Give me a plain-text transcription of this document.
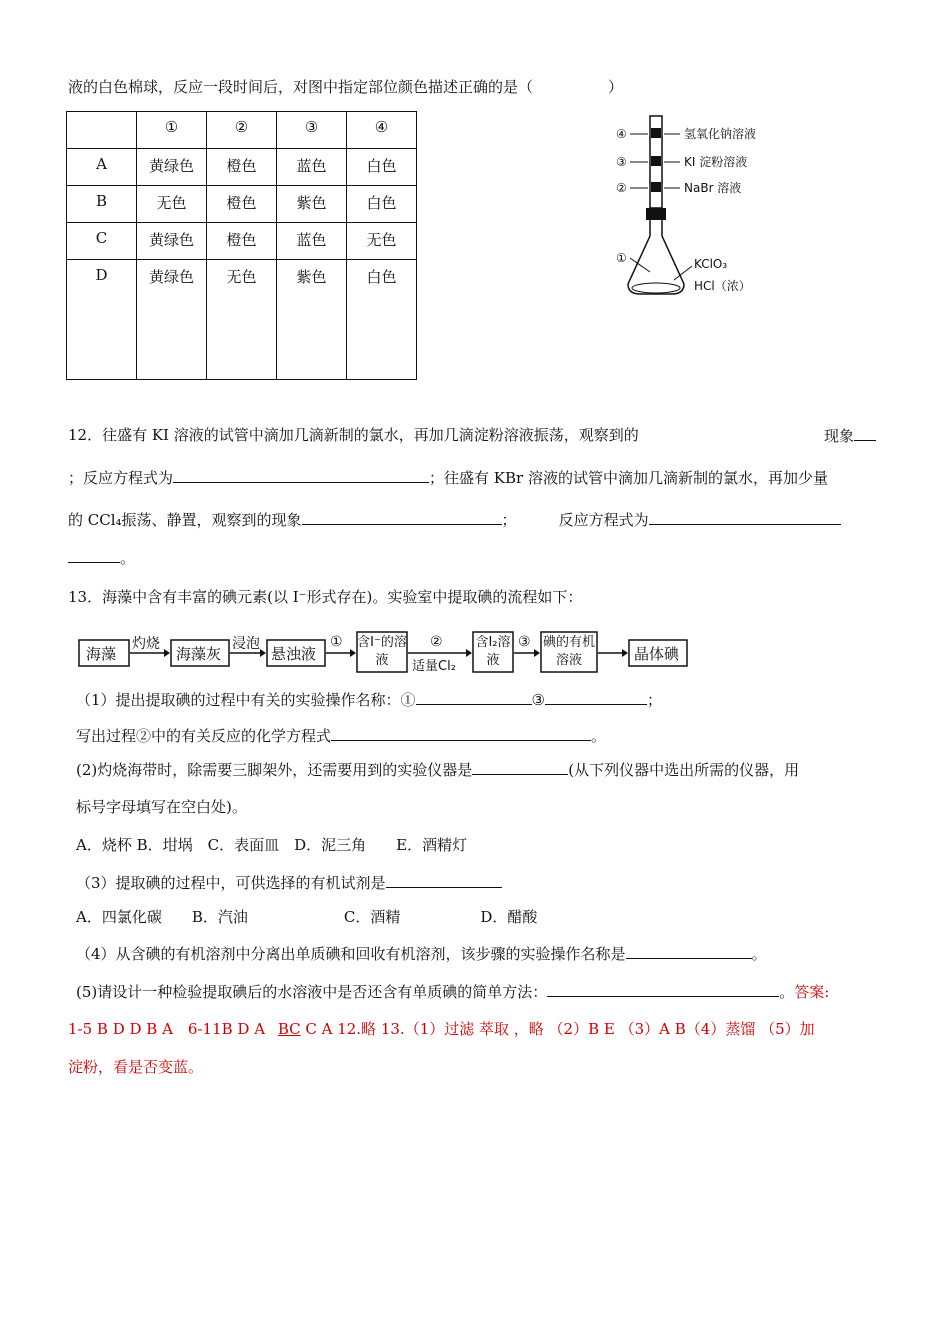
液的白色棉球，反应一段时间后，对图中指定部位颜色描述正确的是（　　　　　）
	①	②	③	④
A	黄绿色	橙色	蓝色	白色
B	无色	橙色	紫色	白色
C	黄绿色	橙色	蓝色	无色
D	黄绿色	无色	紫色	白色
④
③
②
①
氢氧化钠溶液
KI 淀粉溶液
NaBr 溶液
KClO₃
HCl（浓）
12．往盛有 KI 溶液的试管中滴加几滴新制的氯水，再加几滴淀粉溶液振荡，观察到的	现象
；反应方程式为	；往盛有 KBr 溶液的试管中滴加几滴新制的氯水，再加少量
的 CCl₄振荡、静置，观察到的现象	；	反应方程式为
。
13．海藻中含有丰富的碘元素(以 I⁻形式存在)。实验室中提取碘的流程如下：
海藻
灼烧
海藻灰
浸泡
悬浊液
① 含I⁻的溶液
②
适量Cl₂
含I₂溶液
③ 碘的有机溶液	晶体碘
（1）提出提取碘的过程中有关的实验操作名称：①	③	；
写出过程②中的有关反应的化学方程式	。
(2)灼烧海带时，除需要三脚架外，还需要用到的实验仪器是	(从下列仪器中选出所需的仪器，用
标号字母填写在空白处)。
A．烧杯 B．坩埚　C．表面皿　D．泥三角　　E．酒精灯
（3）提取碘的过程中，可供选择的有机试剂是
A．四氯化碳 B．汽油	C．酒精	D．醋酸
（4）从含碘的有机溶剂中分离出单质碘和回收有机溶剂，该步骤的实验操作名称是	。
(5)请设计一种检验提取碘后的水溶液中是否还含有单质碘的简单方法：	。答案:
1-5 B D D B A　6-11B D A BC C A 12.略 13.（1）过滤 萃取 ，略 （2）B E （3）A B（4）蒸馏 （5）加
淀粉，看是否变蓝。
